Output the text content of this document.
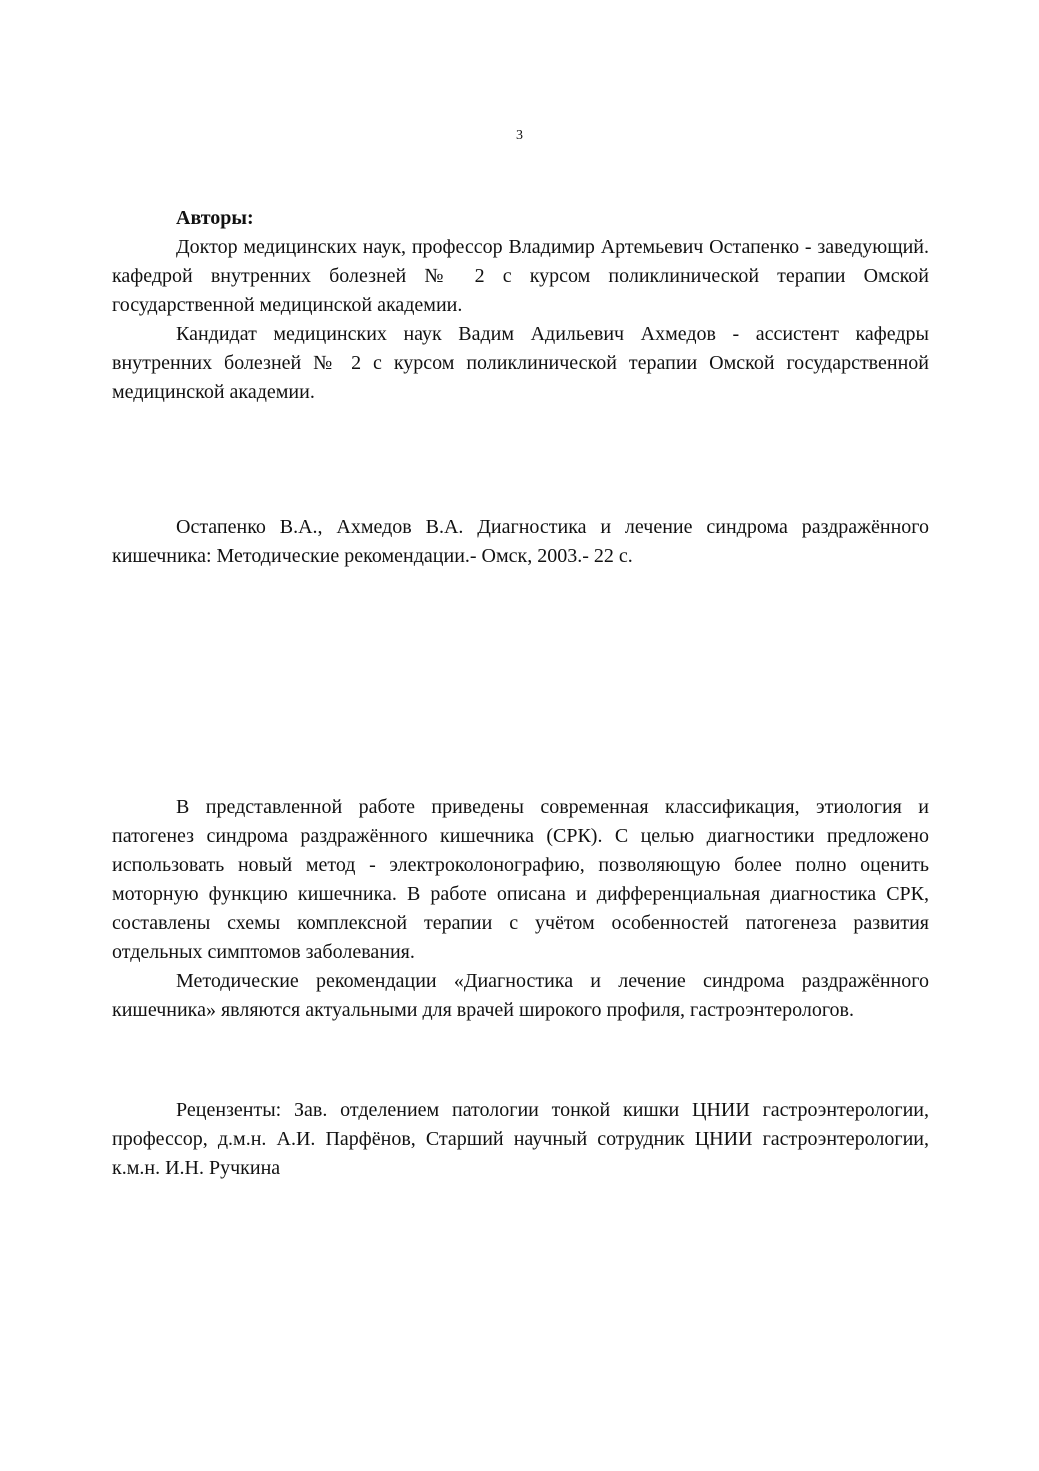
3

Авторы:

Доктор медицинских наук, профессор Владимир Артемьевич Остапенко - заведующий. кафедрой внутренних болезней № 2 с курсом поликлинической терапии Омской государственной медицинской академии.

Кандидат медицинских наук Вадим Адильевич Ахмедов - ассистент кафедры внутренних болезней № 2 с курсом поликлинической терапии Омской государственной медицинской академии.

Остапенко В.А., Ахмедов В.А. Диагностика и лечение синдрома раздражённого кишечника: Методические рекомендации.- Омск, 2003.- 22 с.

В представленной работе приведены современная классификация, этиология и патогенез синдрома раздражённого кишечника (СРК). С целью диагностики предложено использовать новый метод - электроколонографию, позволяющую более полно оценить моторную функцию кишечника. В работе описана и дифференциальная диагностика СРК, составлены схемы комплексной терапии с учётом особенностей патогенеза развития отдельных симптомов заболевания.

Методические рекомендации «Диагностика и лечение синдрома раздражённого кишечника» являются актуальными для врачей широкого профиля, гастроэнтерологов.

Рецензенты: Зав. отделением патологии тонкой кишки ЦНИИ гастроэнтерологии, профессор, д.м.н. А.И. Парфёнов, Старший научный сотрудник ЦНИИ гастроэнтерологии, к.м.н. И.Н. Ручкина
